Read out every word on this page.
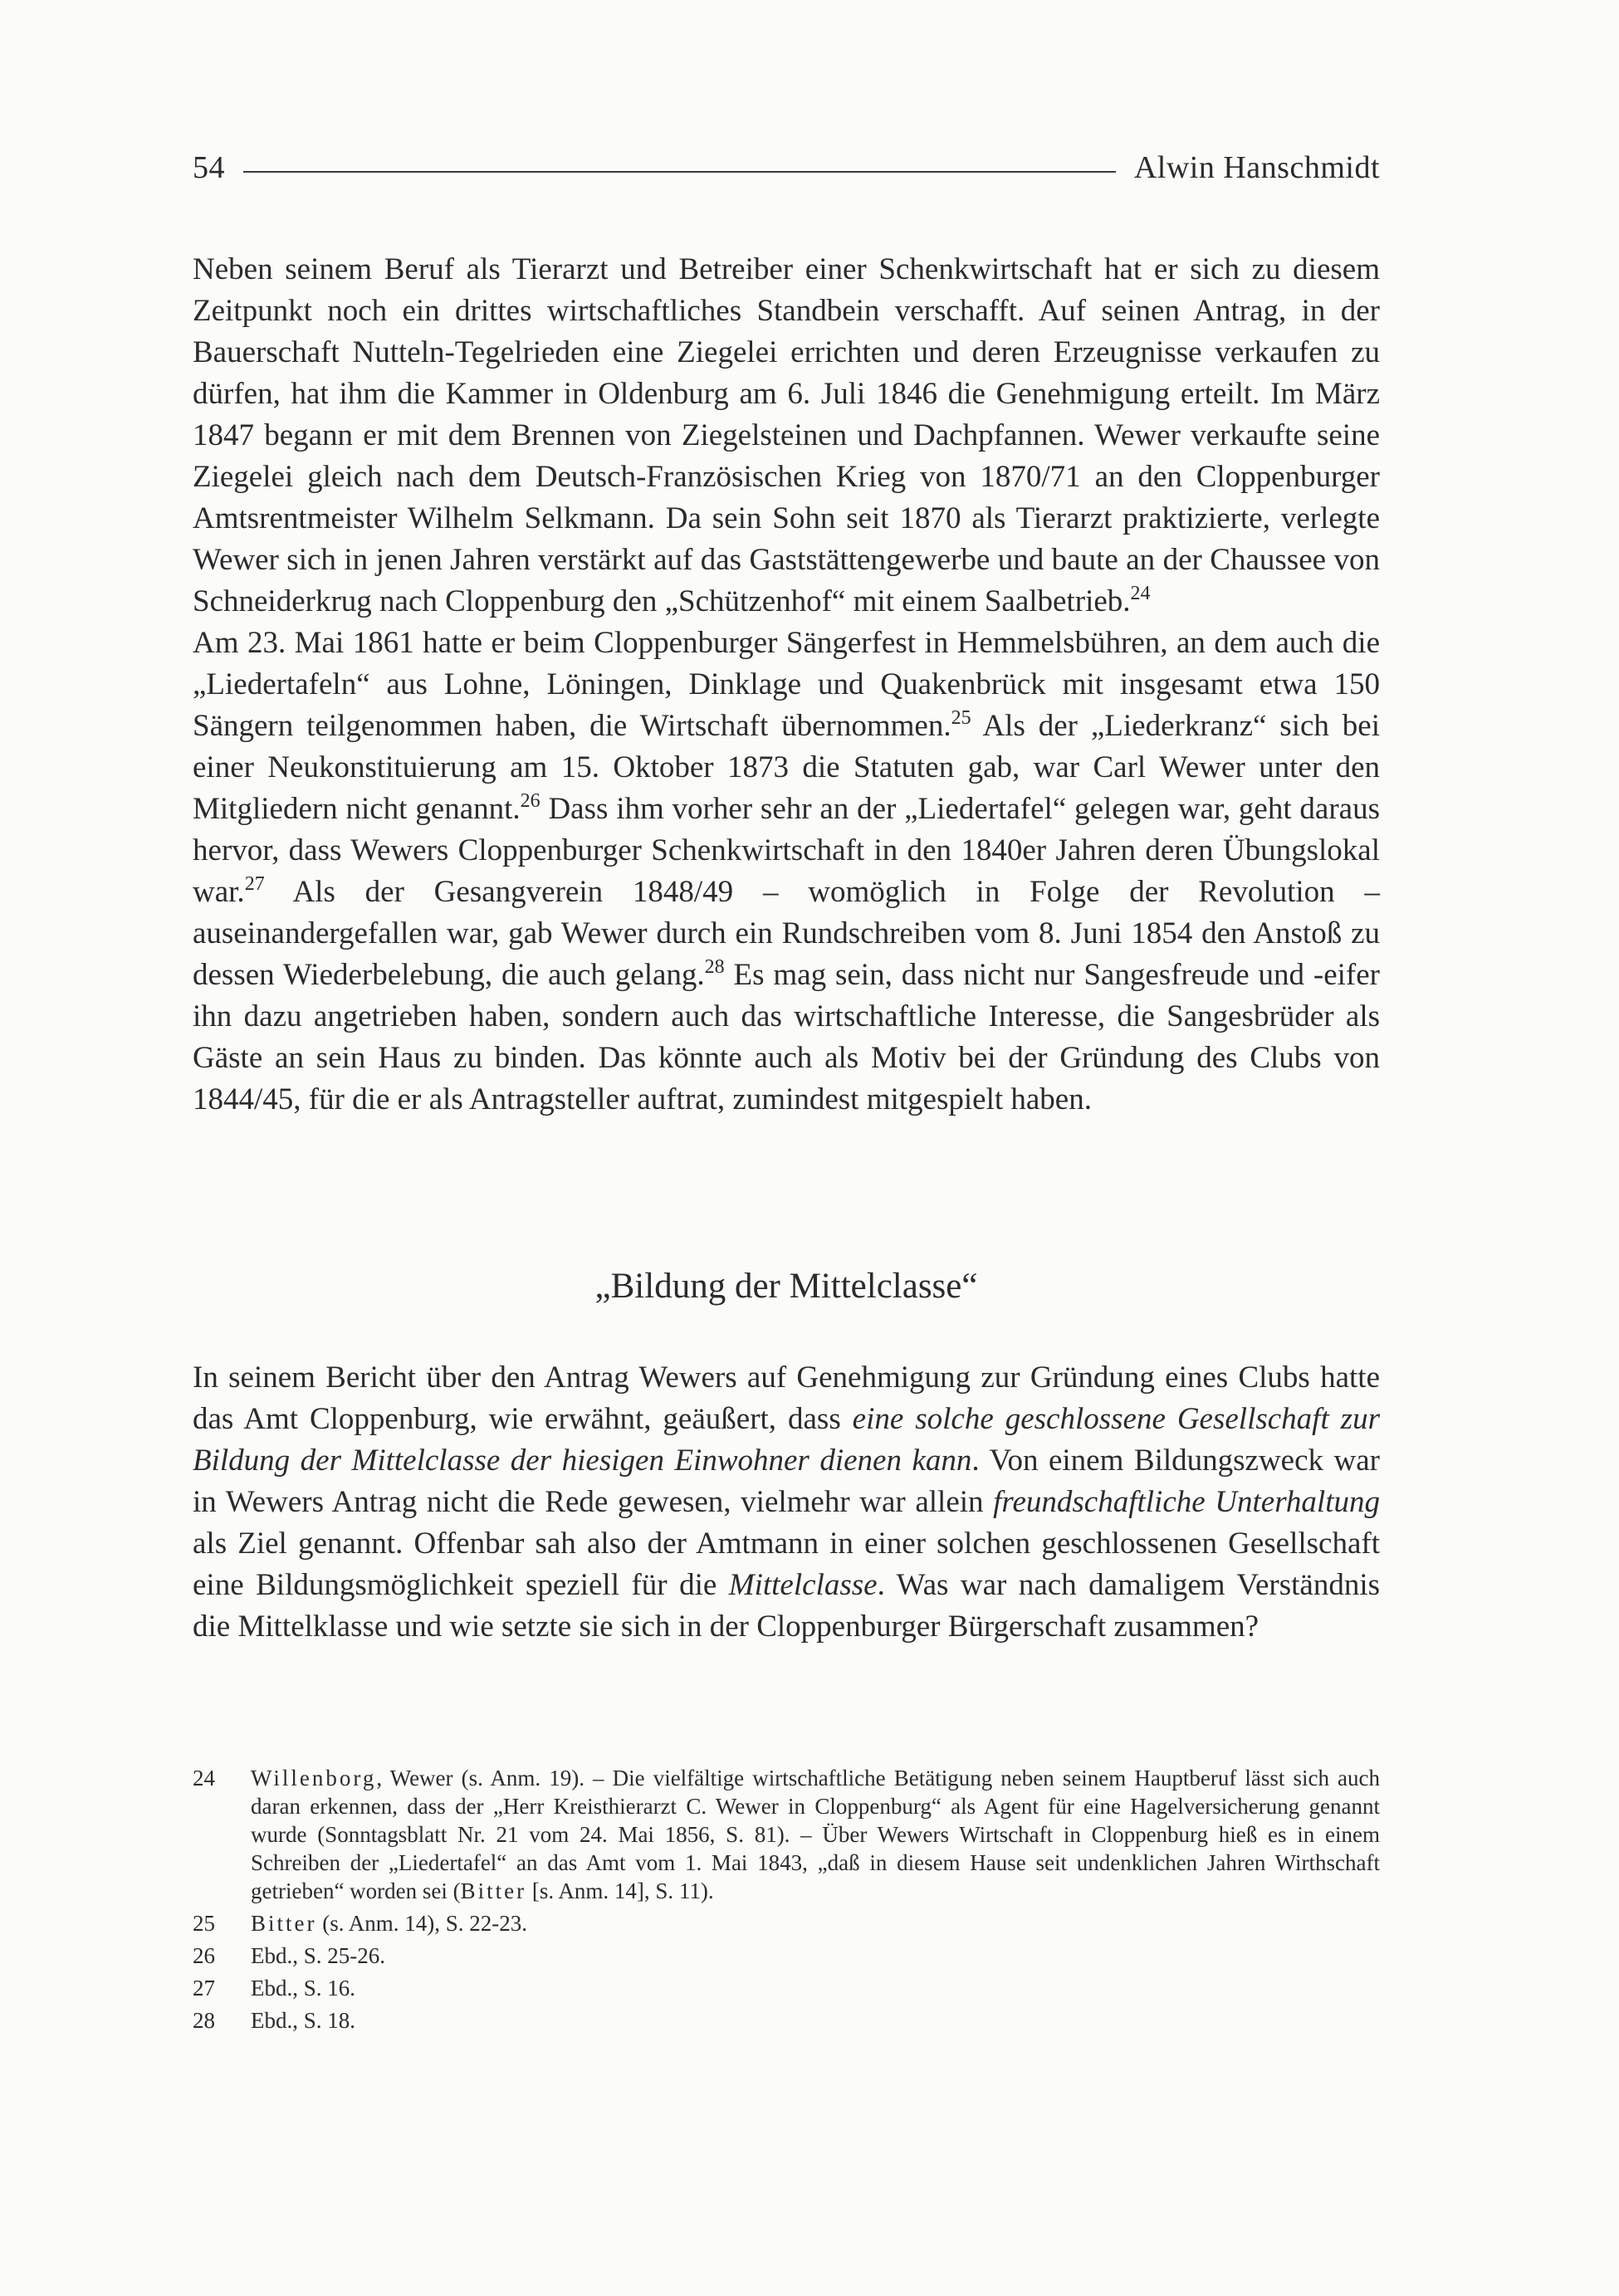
54	Alwin Hanschmidt

Neben seinem Beruf als Tierarzt und Betreiber einer Schenkwirtschaft hat er sich zu diesem Zeitpunkt noch ein drittes wirtschaftliches Standbein verschafft. Auf seinen Antrag, in der Bauerschaft Nutteln-Tegelrieden eine Ziegelei errichten und deren Erzeugnisse verkaufen zu dürfen, hat ihm die Kammer in Oldenburg am 6. Juli 1846 die Genehmigung erteilt. Im März 1847 begann er mit dem Brennen von Ziegelsteinen und Dachpfannen. Wewer verkaufte seine Ziegelei gleich nach dem Deutsch-Französischen Krieg von 1870/71 an den Cloppenburger Amtsrentmeister Wilhelm Selkmann. Da sein Sohn seit 1870 als Tierarzt praktizierte, verlegte Wewer sich in jenen Jahren verstärkt auf das Gaststättengewerbe und baute an der Chaussee von Schneiderkrug nach Cloppenburg den „Schützenhof“ mit einem Saalbetrieb.$^{24}$

Am 23. Mai 1861 hatte er beim Cloppenburger Sängerfest in Hemmelsbühren, an dem auch die „Liedertafeln“ aus Lohne, Löningen, Dinklage und Quakenbrück mit insgesamt etwa 150 Sängern teilgenommen haben, die Wirtschaft übernommen.$^{25}$ Als der „Liederkranz“ sich bei einer Neukonstituierung am 15. Oktober 1873 die Statuten gab, war Carl Wewer unter den Mitgliedern nicht genannt.$^{26}$ Dass ihm vorher sehr an der „Liedertafel“ gelegen war, geht daraus hervor, dass Wewers Cloppenburger Schenkwirtschaft in den 1840er Jahren deren Übungslokal war.$^{27}$ Als der Gesangverein 1848/49 – womöglich in Folge der Revolution – auseinandergefallen war, gab Wewer durch ein Rundschreiben vom 8. Juni 1854 den Anstoß zu dessen Wiederbelebung, die auch gelang.$^{28}$ Es mag sein, dass nicht nur Sangesfreude und -eifer ihn dazu angetrieben haben, sondern auch das wirtschaftliche Interesse, die Sangesbrüder als Gäste an sein Haus zu binden. Das könnte auch als Motiv bei der Gründung des Clubs von 1844/45, für die er als Antragsteller auftrat, zumindest mitgespielt haben.

„Bildung der Mittelclasse“

In seinem Bericht über den Antrag Wewers auf Genehmigung zur Gründung eines Clubs hatte das Amt Cloppenburg, wie erwähnt, geäußert, dass eine solche geschlossene Gesellschaft zur Bildung der Mittelclasse der hiesigen Einwohner dienen kann. Von einem Bildungszweck war in Wewers Antrag nicht die Rede gewesen, vielmehr war allein freundschaftliche Unterhaltung als Ziel genannt. Offenbar sah also der Amtmann in einer solchen geschlossenen Gesellschaft eine Bildungsmöglichkeit speziell für die Mittelclasse. Was war nach damaligem Verständnis die Mittelklasse und wie setzte sie sich in der Cloppenburger Bürgerschaft zusammen?

24	Willenborg, Wewer (s. Anm. 19). – Die vielfältige wirtschaftliche Betätigung neben seinem Hauptberuf lässt sich auch daran erkennen, dass der „Herr Kreisthierarzt C. Wewer in Cloppenburg“ als Agent für eine Hagelversicherung genannt wurde (Sonntagsblatt Nr. 21 vom 24. Mai 1856, S. 81). – Über Wewers Wirtschaft in Cloppenburg hieß es in einem Schreiben der „Liedertafel“ an das Amt vom 1. Mai 1843, „daß in diesem Hause seit undenklichen Jahren Wirthschaft getrieben“ worden sei (Bitter [s. Anm. 14], S. 11).
25	Bitter (s. Anm. 14), S. 22-23.
26	Ebd., S. 25-26.
27	Ebd., S. 16.
28	Ebd., S. 18.
